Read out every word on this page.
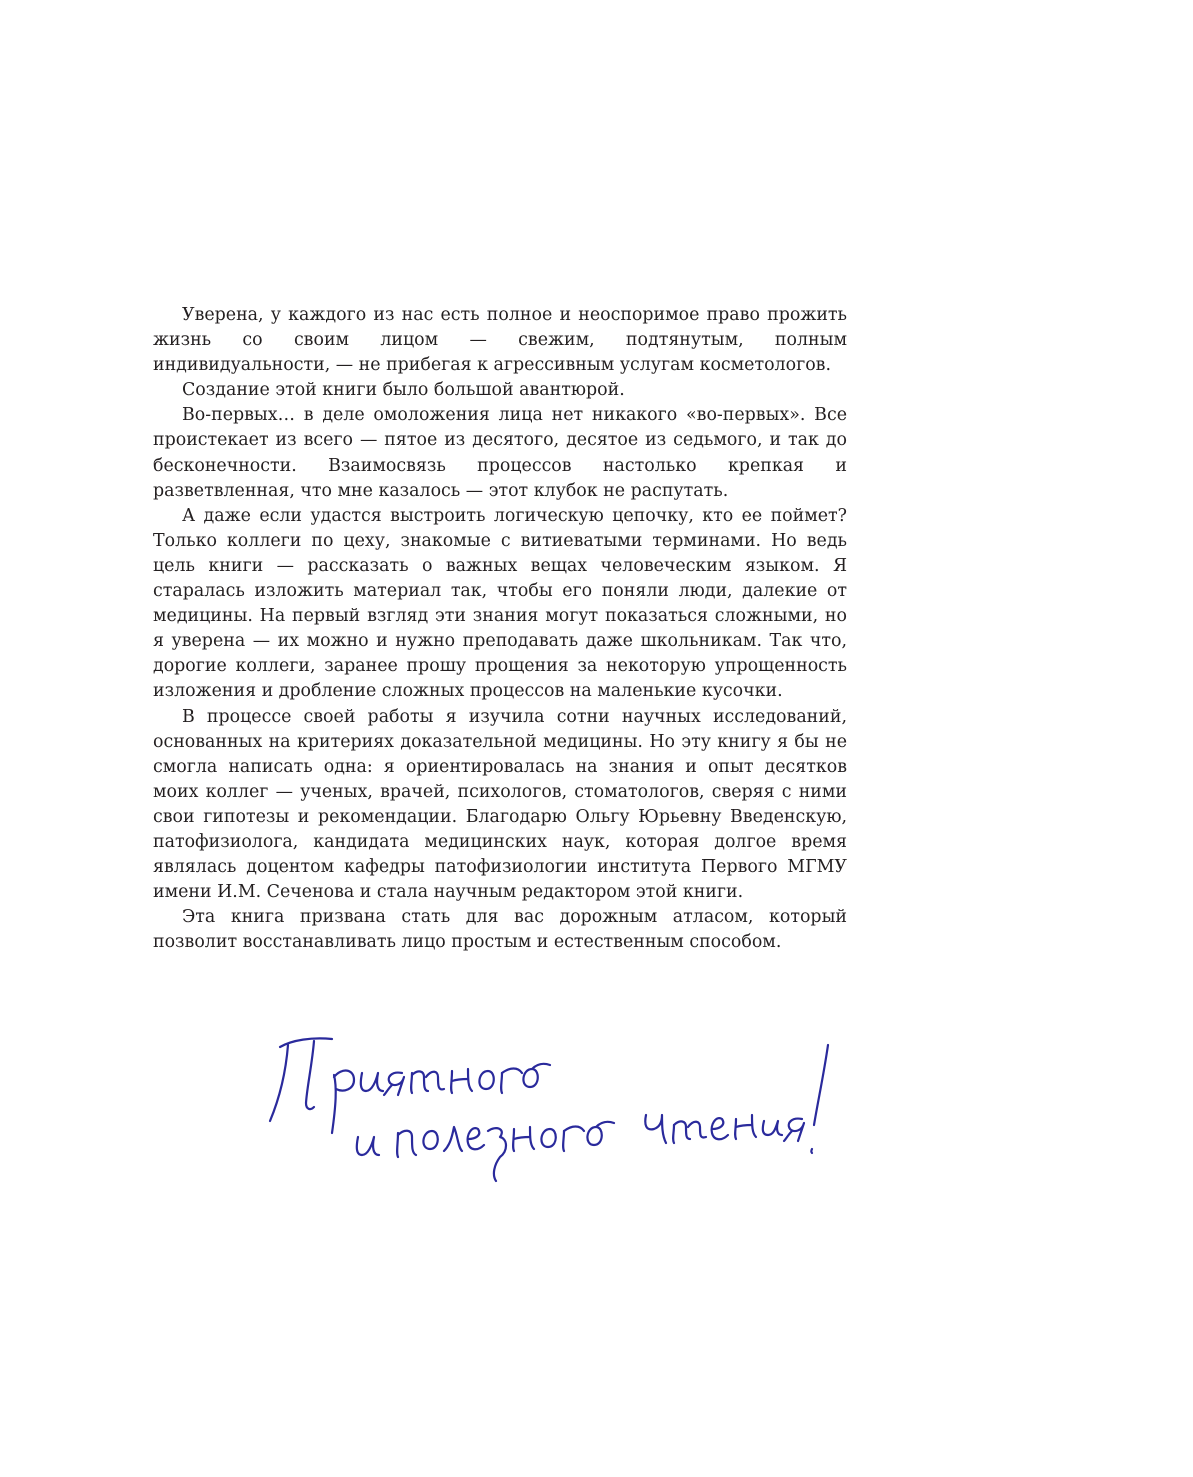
Уверена, у каждого из нас есть полное и неоспоримое право прожить жизнь со своим лицом — свежим, подтянутым, полным индивидуальности, — не прибегая к агрессивным услугам косметологов.

Создание этой книги было большой авантюрой.

Во-первых… в деле омоложения лица нет никакого «во-первых». Все проистекает из всего — пятое из десятого, десятое из седьмого, и так до бесконечности. Взаимосвязь процессов настолько крепкая и разветвленная, что мне казалось — этот клубок не распутать.

А даже если удастся выстроить логическую цепочку, кто ее поймет? Только коллеги по цеху, знакомые с витиеватыми терминами. Но ведь цель книги — рассказать о важных вещах человеческим языком. Я старалась изложить материал так, чтобы его поняли люди, далекие от медицины. На первый взгляд эти знания могут показаться сложными, но я уверена — их можно и нужно преподавать даже школьникам. Так что, дорогие коллеги, заранее прошу прощения за некоторую упрощенность изложения и дробление сложных процессов на маленькие кусочки.

В процессе своей работы я изучила сотни научных исследований, основанных на критериях доказательной медицины. Но эту книгу я бы не смогла написать одна: я ориентировалась на знания и опыт десятков моих коллег — ученых, врачей, психологов, стоматологов, сверяя с ними свои гипотезы и рекомендации. Благодарю Ольгу Юрьевну Введенскую, патофизиолога, кандидата медицинских наук, которая долгое время являлась доцентом кафедры патофизиологии института Первого МГМУ имени И.М. Сеченова и стала научным редактором этой книги.

Эта книга призвана стать для вас дорожным атласом, который позволит восстанавливать лицо простым и естественным способом.
